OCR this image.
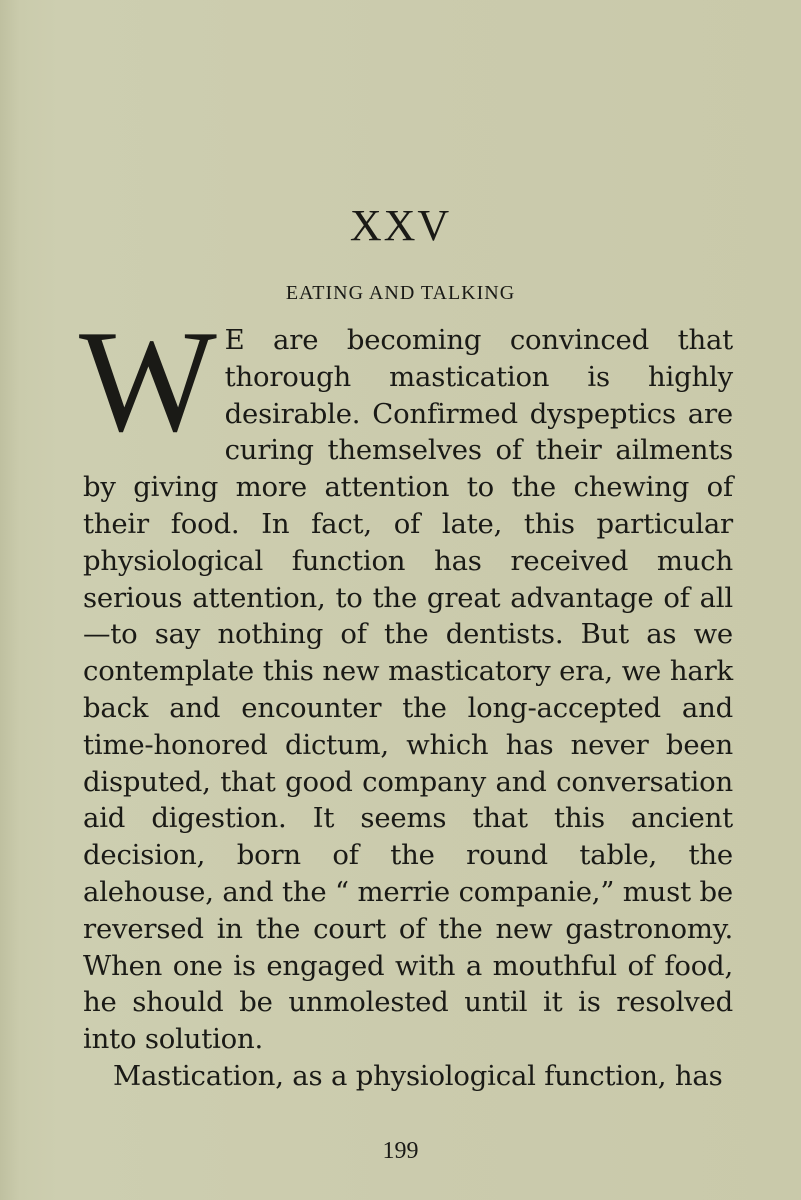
XXV
EATING AND TALKING

W E are becoming convinced that thorough mastication is highly desirable. Confirmed dyspeptics are curing themselves of their ailments by giving more attention to the chewing of their food. In fact, of late, this particular physiological function has received much serious attention, to the great advantage of all—to say nothing of the dentists. But as we contemplate this new masticatory era, we hark back and encounter the long-accepted and time-honored dictum, which has never been disputed, that good company and conversation aid digestion. It seems that this ancient decision, born of the round table, the alehouse, and the “ merrie companie,” must be reversed in the court of the new gastronomy. When one is engaged with a mouthful of food, he should be unmolested until it is resolved into solution.

Mastication, as a physiological function, has

199
